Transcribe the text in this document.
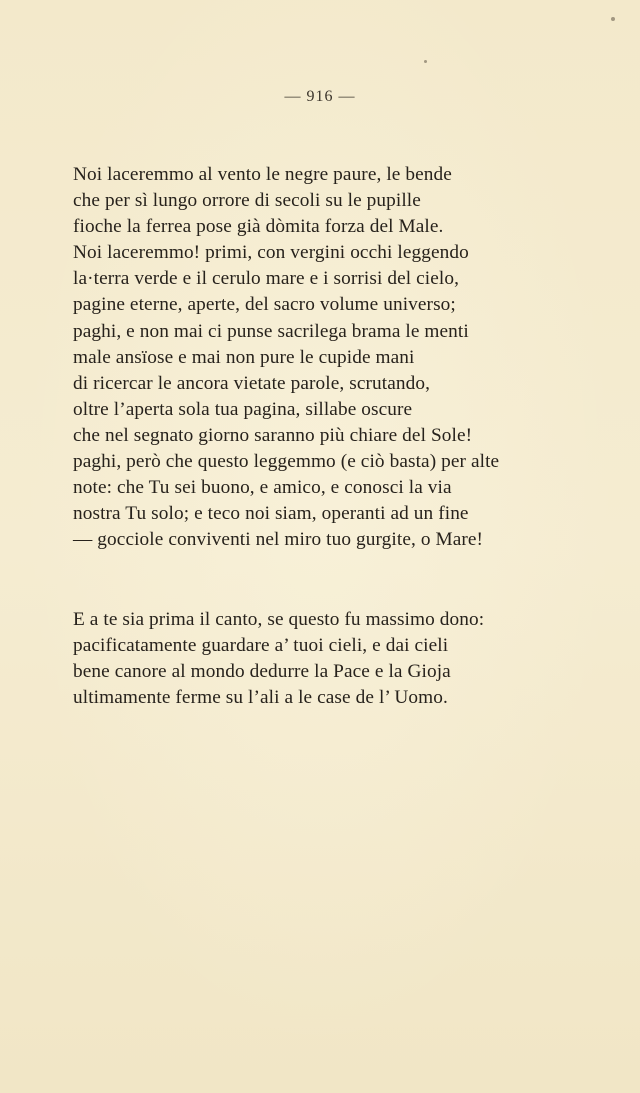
— 916 —
Noi laceremmo al vento le negre paure, le bende
che per sì lungo orrore di secoli su le pupille
fioche la ferrea pose già dòmita forza del Male.
Noi laceremmo! primi, con vergini occhi leggendo
la·terra verde e il cerulo mare e i sorrisi del cielo,
pagine eterne, aperte, del sacro volume universo;
paghi, e non mai ci punse sacrilega brama le menti
male ansïose e mai non pure le cupide mani
di ricercar le ancora vietate parole, scrutando,
oltre l’aperta sola tua pagina, sillabe oscure
che nel segnato giorno saranno più chiare del Sole!
paghi, però che questo leggemmo (e ciò basta) per alte
note: che Tu sei buono, e amico, e conosci la via
nostra Tu solo; e teco noi siam, operanti ad un fine
— gocciole conviventi nel miro tuo gurgite, o Mare!
E a te sia prima il canto, se questo fu massimo dono:
pacificatamente guardare a’ tuoi cieli, e dai cieli
bene canore al mondo dedurre la Pace e la Gioja
ultimamente ferme su l’ali a le case de l’ Uomo.
